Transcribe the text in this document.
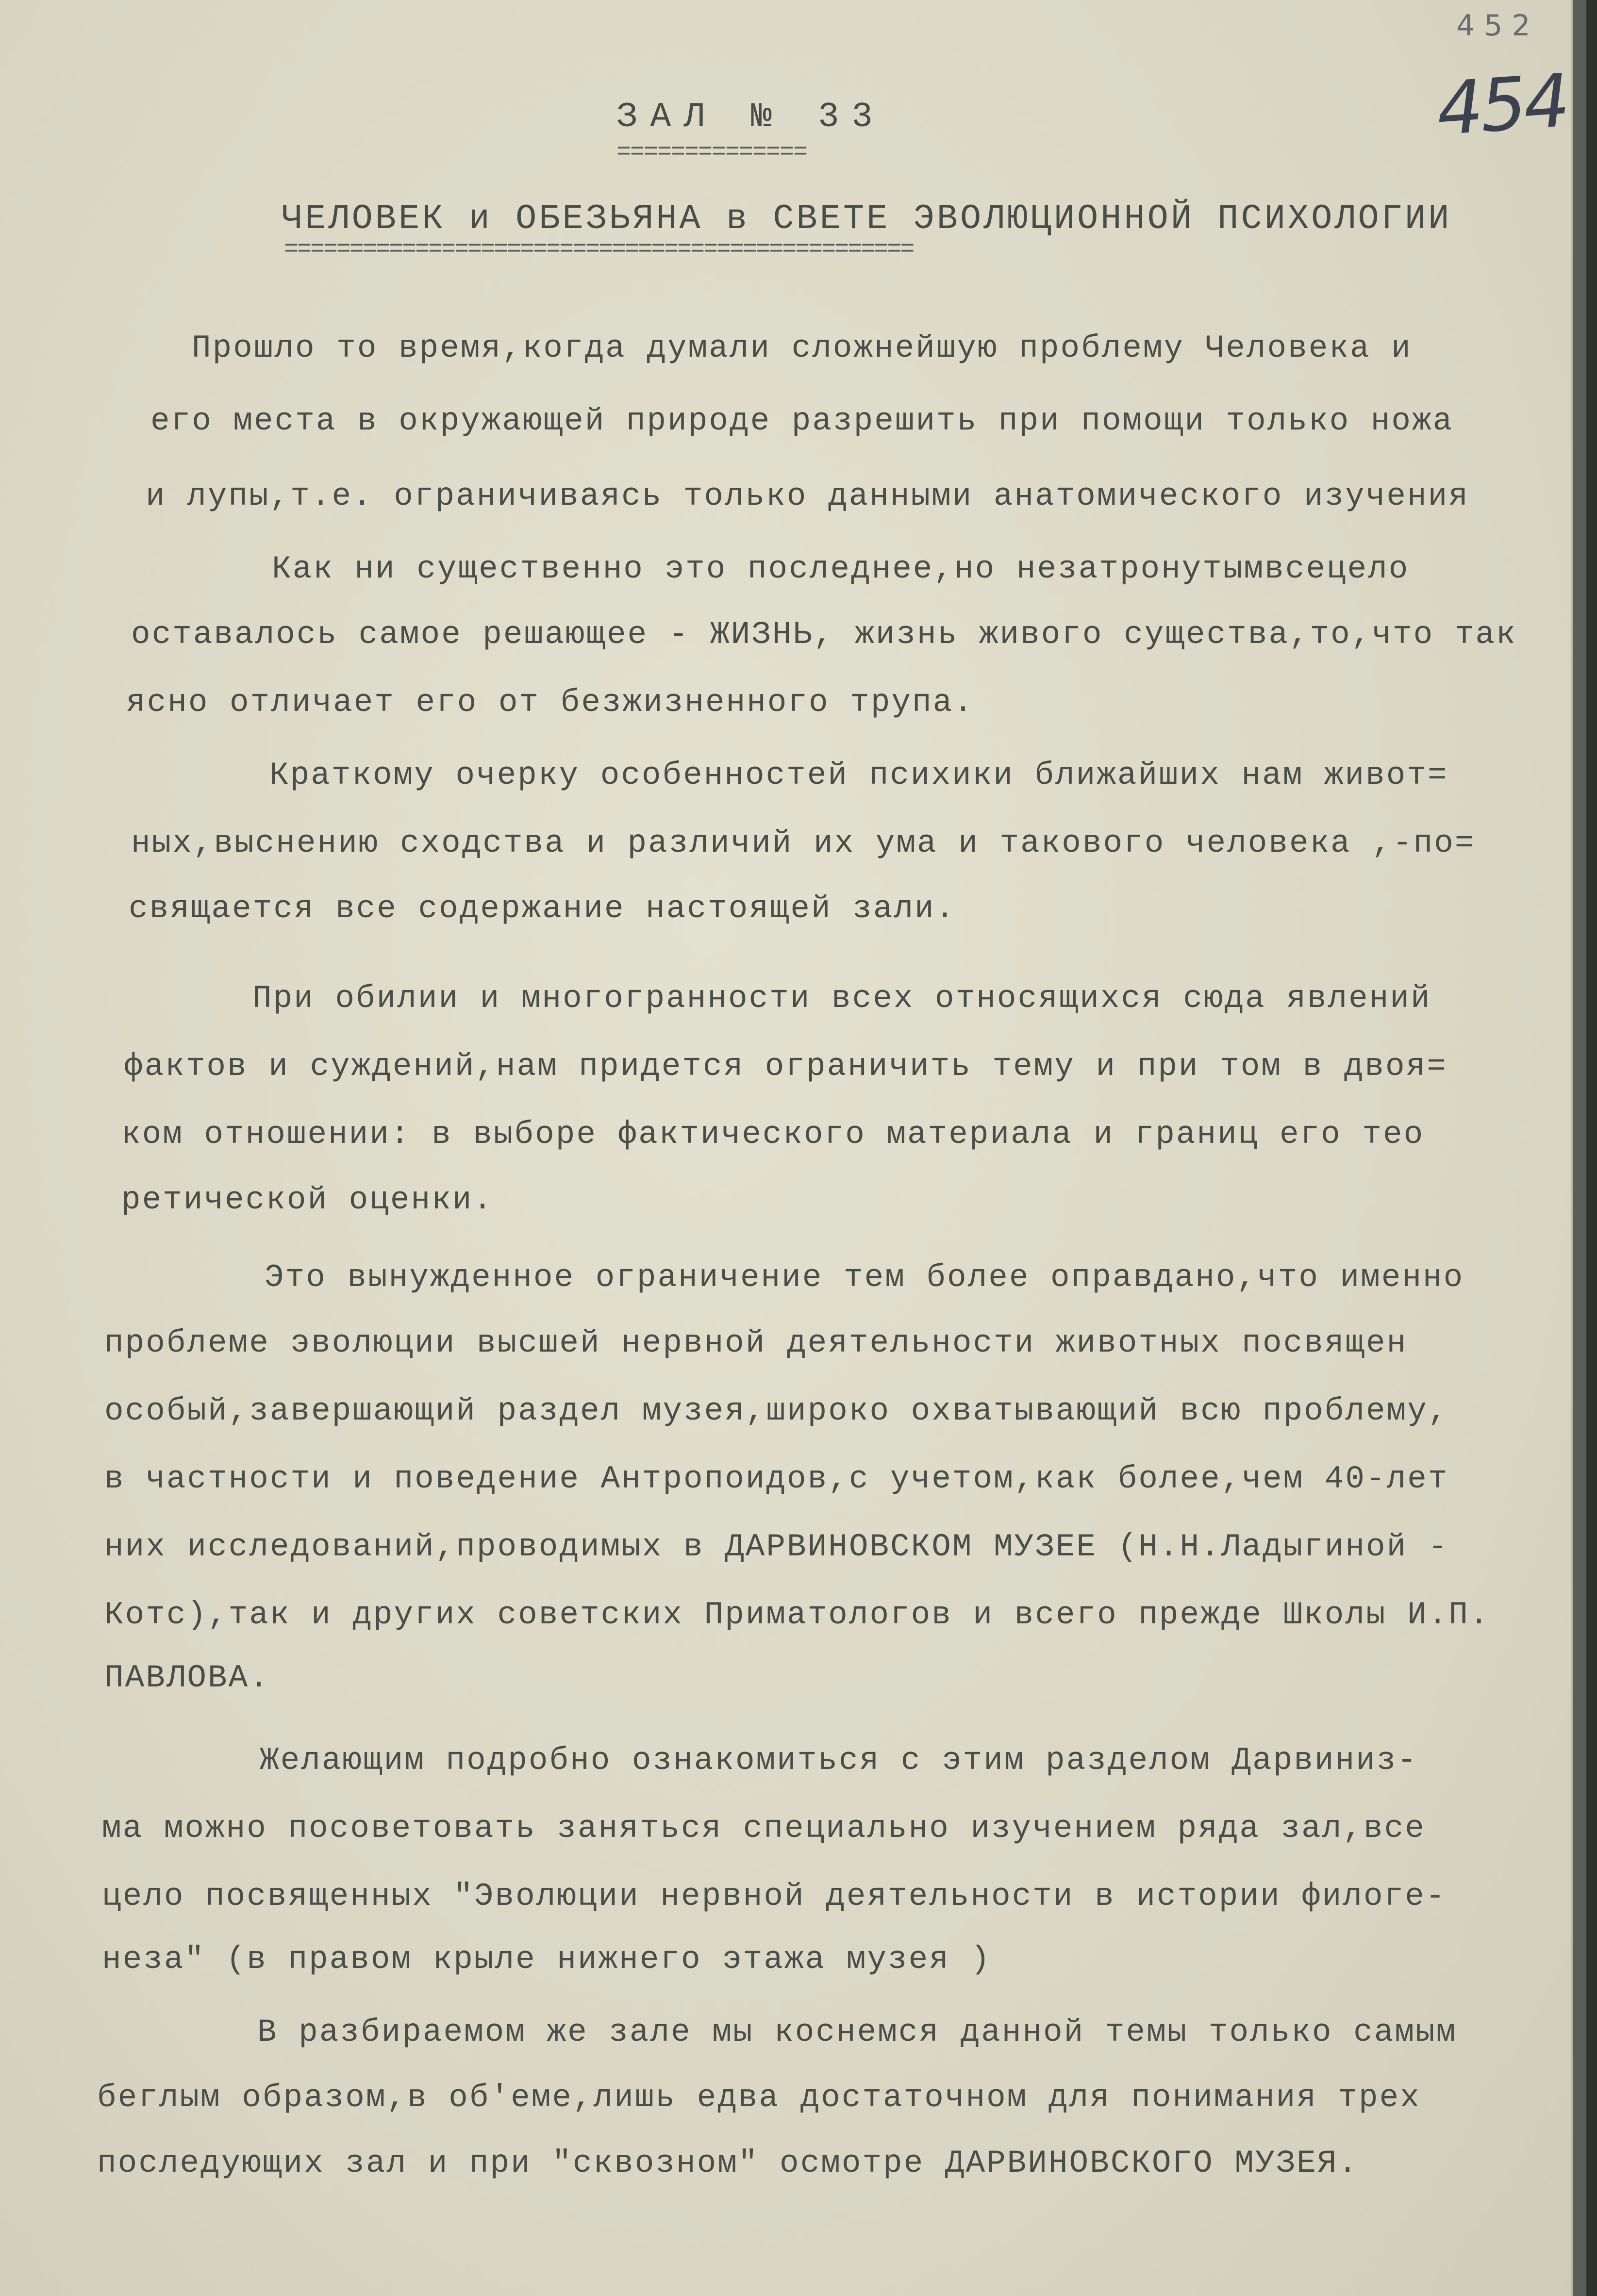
4 5 2
454
ЗАЛ № 33
==============
ЧЕЛОВЕК и ОБЕЗЬЯНА в СВЕТЕ ЭВОЛЮЦИОННОЙ ПСИХОЛОГИИ
================================================
Прошло то время,когда думали сложнейшую проблему Человека и
его места в окружающей природе разрешить при помощи только ножа
и лупы,т.е. ограничиваясь только данными анатомического изучения
Как ни существенно это последнее,но незатронутымвсецело
оставалось самое решающее - ЖИЗНЬ, жизнь живого существа,то,что так
ясно отличает его от безжизненного трупа.
Краткому очерку особенностей психики ближайших нам живот=
ных,выснению сходства и различий их ума и такового человека ,-по=
свящается все содержание настоящей зали.
При обилии и многогранности всех относящихся сюда явлений
фактов и суждений,нам придется ограничить тему и при том в двоя=
ком отношении: в выборе фактического материала и границ его тео
ретической оценки.
Это вынужденное ограничение тем более оправдано,что именно
проблеме эволюции высшей нервной деятельности животных посвящен
особый,завершающий раздел музея,широко охватывающий всю проблему,
в частности и поведение Антропоидов,с учетом,как более,чем 40-лет
них исследований,проводимых в ДАРВИНОВСКОМ МУЗЕЕ (Н.Н.Ладыгиной -
Котс),так и других советских Приматологов и всего прежде Школы И.П.
ПАВЛОВА.
Желающим подробно ознакомиться с этим разделом Дарвиниз-
ма можно посоветовать заняться специально изучением ряда зал,все
цело посвященных "Эволюции нервной деятельности в истории филоге-
неза" (в правом крыле нижнего этажа музея )
В разбираемом же зале мы коснемся данной темы только самым
беглым образом,в об'еме,лишь едва достаточном для понимания трех
последующих зал и при "сквозном" осмотре ДАРВИНОВСКОГО МУЗЕЯ.
